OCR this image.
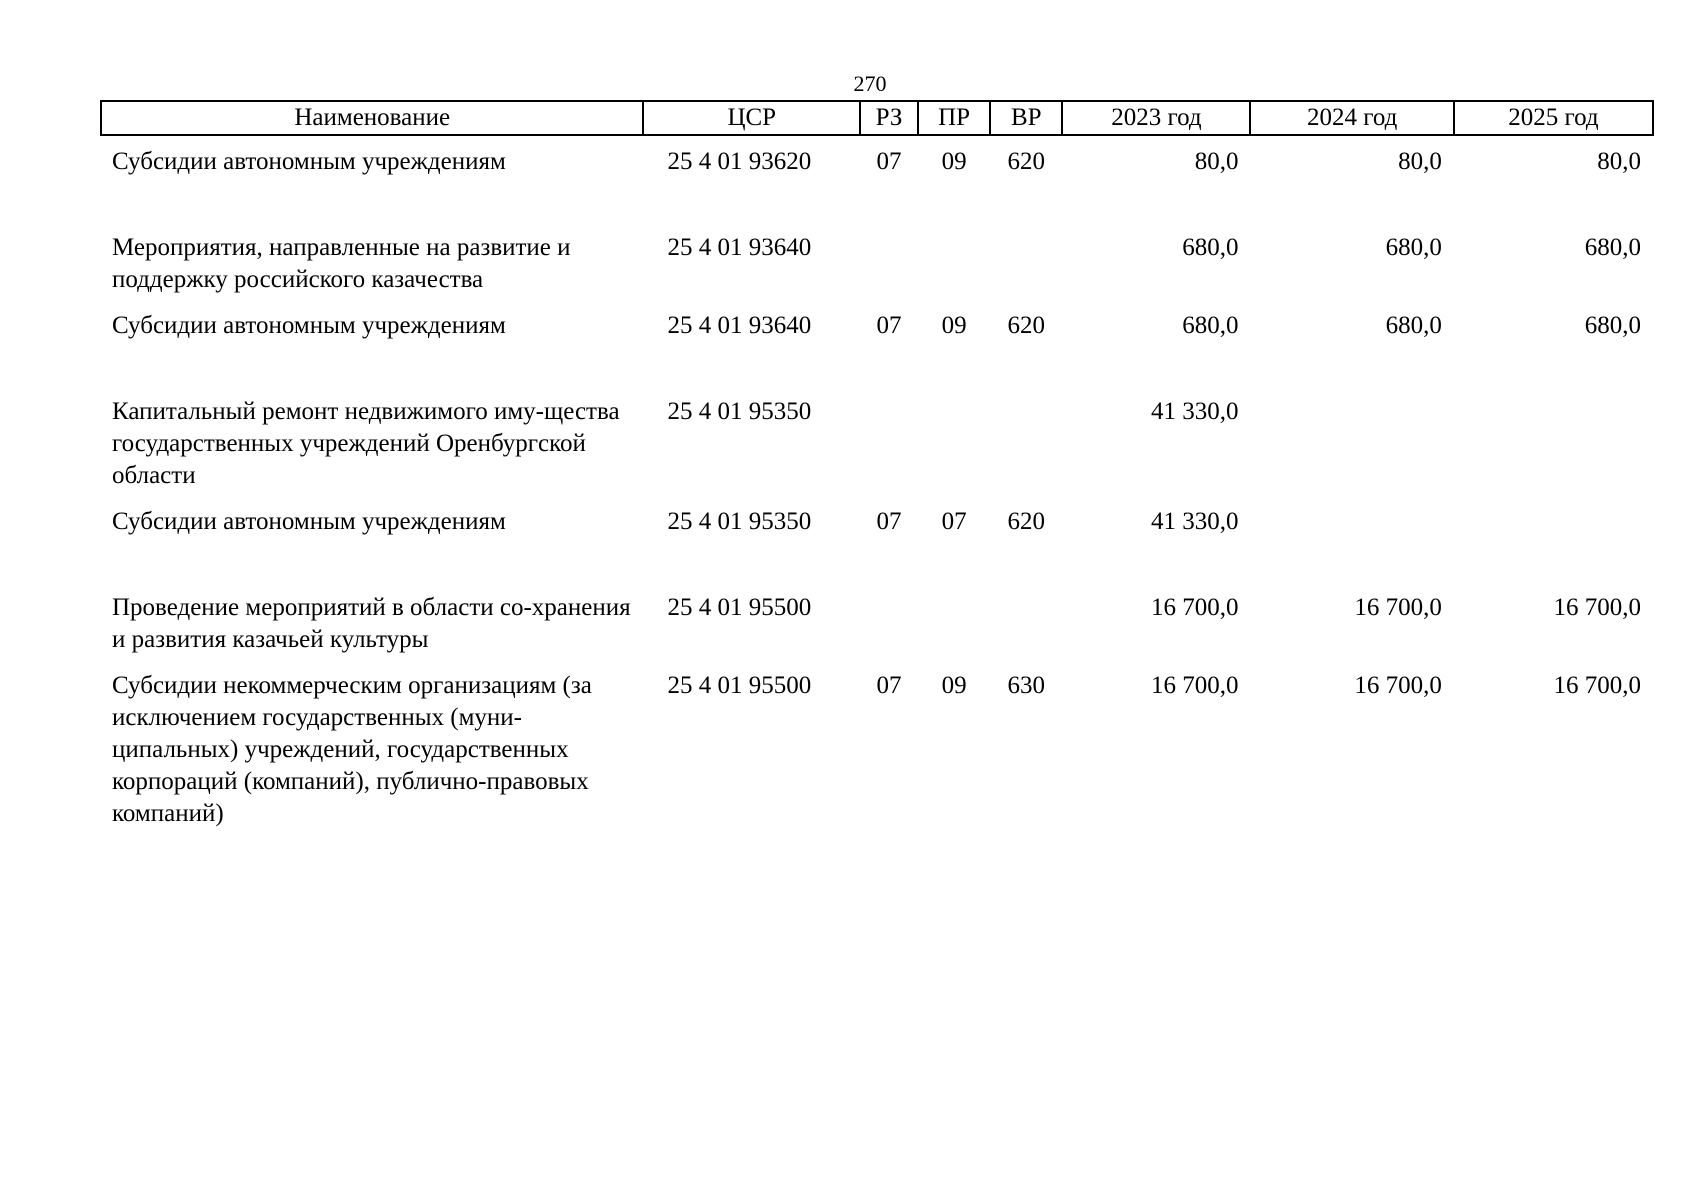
270
Наименование	ЦСР	РЗ	ПР	ВР	2023 год	2024 год	2025 год
Субсидии автономным учреждениям	25 4 01 93620	07	09	620	80,0	80,0	80,0
Мероприятия, направленные на развитие и поддержку российского казачества	25 4 01 93640				680,0	680,0	680,0
Субсидии автономным учреждениям	25 4 01 93640	07	09	620	680,0	680,0	680,0
Капитальный ремонт недвижимого иму-щества государственных учреждений Оренбургской области	25 4 01 95350				41 330,0		
Субсидии автономным учреждениям	25 4 01 95350	07	07	620	41 330,0		
Проведение мероприятий в области со-хранения и развития казачьей культуры	25 4 01 95500				16 700,0	16 700,0	16 700,0
Субсидии некоммерческим организациям (за исключением государственных (муни-ципальных) учреждений, государственных корпораций (компаний), публично-правовых компаний)	25 4 01 95500	07	09	630	16 700,0	16 700,0	16 700,0
